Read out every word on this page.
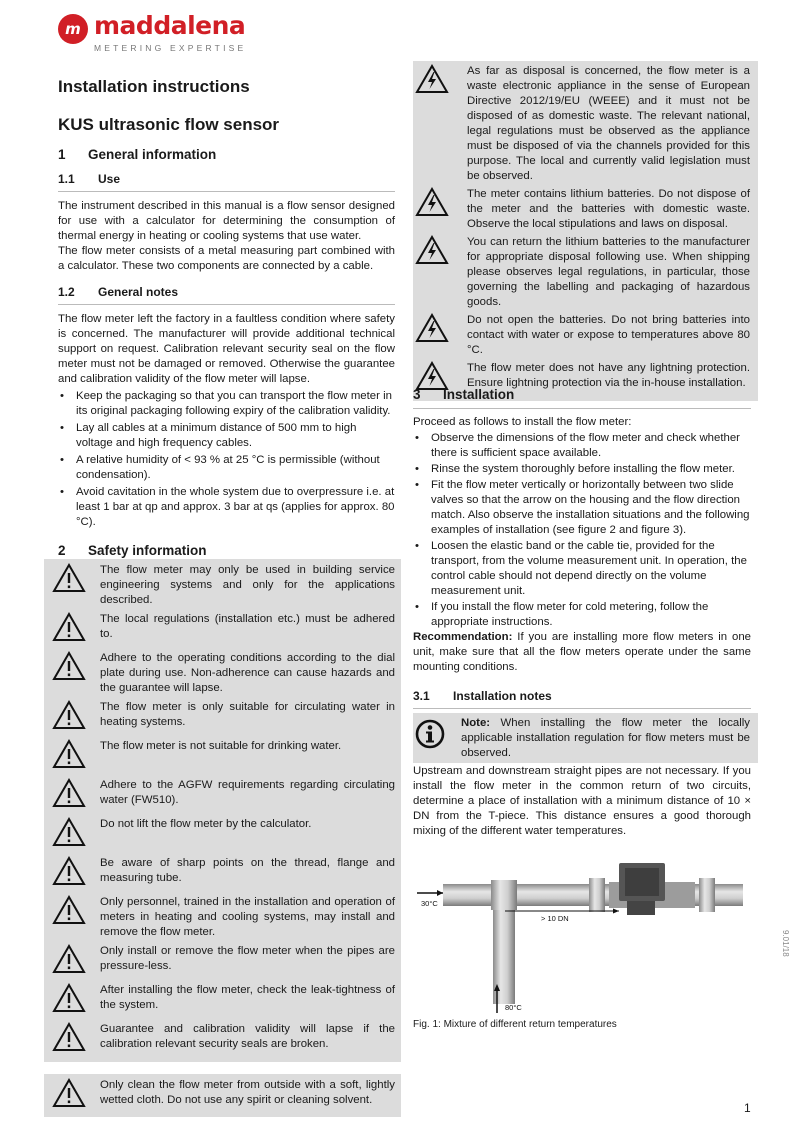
m maddalena
METERING EXPERTISE
Installation instructions
KUS ultrasonic flow sensor
1	General information
1.1	Use

The instrument described in this manual is a flow sensor designed for use with a calculator for determining the consumption of thermal energy in heating or cooling systems that use water.

The flow meter consists of a metal measuring part combined with a calculator. These two components are connected by a cable.

1.2	General notes

The flow meter left the factory in a faultless condition where safety is concerned. The manufacturer will provide additional technical support on request. Calibration relevant security seal on the flow meter must not be damaged or removed. Otherwise the guarantee and calibration validity of the flow meter will lapse.

• Keep the packaging so that you can transport the flow meter in its original packaging following expiry of the calibration validity.
• Lay all cables at a minimum distance of 500 mm to high voltage and high frequency cables.
• A relative humidity of < 93 % at 25 °C is permissible (without condensation).
• Avoid cavitation in the whole system due to overpressure i.e. at least 1 bar at qp and approx. 3 bar at qs (applies for approx. 80 °C).
2	Safety information
The flow meter may only be used in building service engineering systems and only for the applications described.
The local regulations (installation etc.) must be adhered to.
Adhere to the operating conditions according to the dial plate during use. Non-adherence can cause hazards and the guarantee will lapse.
The flow meter is only suitable for circulating water in heating systems.
The flow meter is not suitable for drinking water.
Adhere to the AGFW requirements regarding circulating water (FW510).
Do not lift the flow meter by the calculator.
Be aware of sharp points on the thread, flange and measuring tube.
Only personnel, trained in the installation and operation of meters in heating and cooling systems, may install and remove the flow meter.
Only install or remove the flow meter when the pipes are pressure-less.
After installing the flow meter, check the leak-tightness of the system.
Guarantee and calibration validity will lapse if the calibration relevant security seals are broken.
Only clean the flow meter from outside with a soft, lightly wetted cloth. Do not use any spirit or cleaning solvent.
As far as disposal is concerned, the flow meter is a waste electronic appliance in the sense of European Directive 2012/19/EU (WEEE) and it must not be disposed of as domestic waste. The relevant national, legal regulations must be observed as the appliance must be disposed of via the channels provided for this purpose. The local and currently valid legislation must be observed.
The meter contains lithium batteries. Do not dispose of the meter and the batteries with domestic waste. Observe the local stipulations and laws on disposal.
You can return the lithium batteries to the manufacturer for appropriate disposal following use. When shipping please observes legal regulations, in particular, those governing the labelling and packaging of hazardous goods.
Do not open the batteries. Do not bring batteries into contact with water or expose to temperatures above 80 °C.
The flow meter does not have any lightning protection. Ensure lightning protection via the in-house installation.
3	Installation

Proceed as follows to install the flow meter:

• Observe the dimensions of the flow meter and check whether there is sufficient space available.
• Rinse the system thoroughly before installing the flow meter.
• Fit the flow meter vertically or horizontally between two slide valves so that the arrow on the housing and the flow direction match. Also observe the installation situations and the following examples of installation (see figure 2 and figure 3).
• Loosen the elastic band or the cable tie, provided for the transport, from the volume measurement unit. In operation, the control cable should not depend directly on the volume measurement unit.
• If you install the flow meter for cold metering, follow the appropriate instructions.

Recommendation: If you are installing more flow meters in one unit, make sure that all the flow meters operate under the same mounting conditions.

3.1	Installation notes
Note: When installing the flow meter the locally applicable installation regulation for flow meters must be observed.

Upstream and downstream straight pipes are not necessary. If you install the flow meter in the common return of two circuits, determine a place of installation with a minimum distance of 10 × DN from the T-piece. This distance ensures a good thorough mixing of the different water temperatures.

30°C
> 10 DN
80°C
Fig. 1: Mixture of different return temperatures
1
9.01/18
